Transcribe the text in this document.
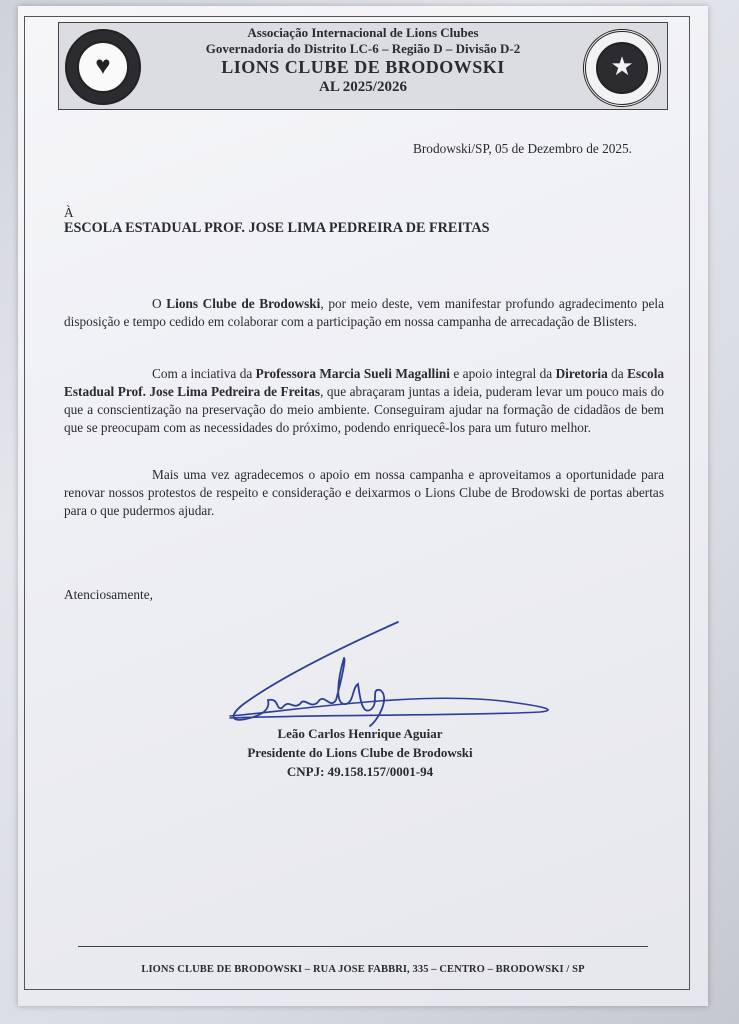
♥
Associação Internacional de Lions Clubes
Governadoria do Distrito LC-6 – Região D – Divisão D-2
LIONS CLUBE DE BRODOWSKI
AL 2025/2026
★
Brodowski/SP, 05 de Dezembro de 2025.
À
ESCOLA ESTADUAL PROF. JOSE LIMA PEDREIRA DE FREITAS
O Lions Clube de Brodowski, por meio deste, vem manifestar profundo agradecimento pela disposição e tempo cedido em colaborar com a participação em nossa campanha de arrecadação de Blisters.
Com a inciativa da Professora Marcia Sueli Magallini e apoio integral da Diretoria da Escola Estadual Prof. Jose Lima Pedreira de Freitas, que abraçaram juntas a ideia, puderam levar um pouco mais do que a conscientização na preservação do meio ambiente. Conseguiram ajudar na formação de cidadãos de bem que se preocupam com as necessidades do próximo, podendo enriquecê-los para um futuro melhor.
Mais uma vez agradecemos o apoio em nossa campanha e aproveitamos a oportunidade para renovar nossos protestos de respeito e consideração e deixarmos o Lions Clube de Brodowski de portas abertas para o que pudermos ajudar.
Atenciosamente,
Leão Carlos Henrique Aguiar
Presidente do Lions Clube de Brodowski
CNPJ: 49.158.157/0001-94
LIONS CLUBE DE BRODOWSKI – RUA JOSE FABBRI, 335 – CENTRO – BRODOWSKI / SP
